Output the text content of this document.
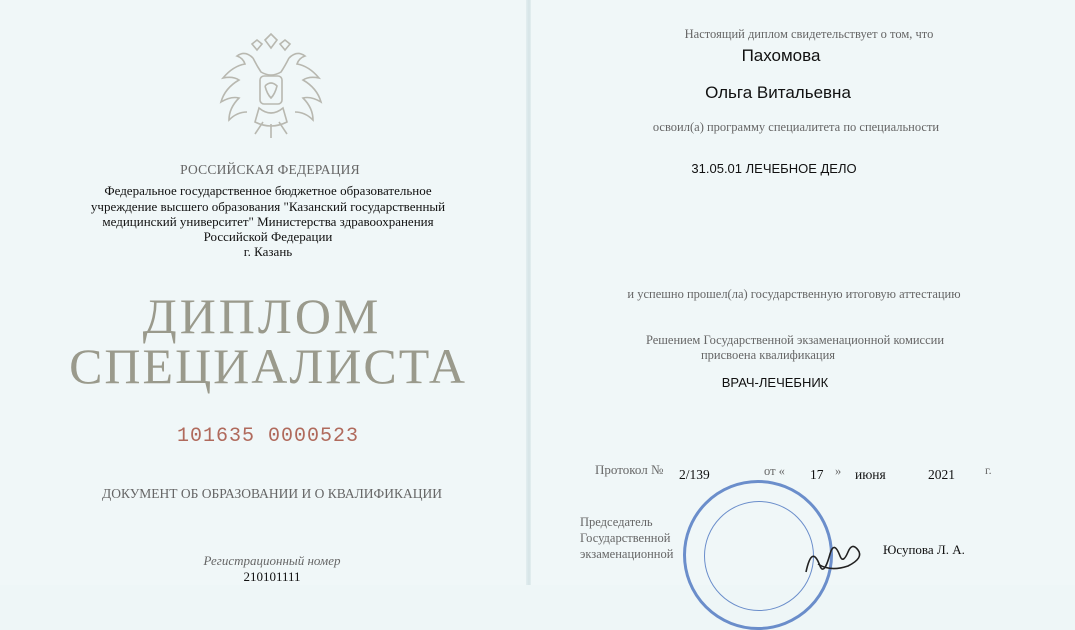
РОССИЙСКАЯ ФЕДЕРАЦИЯ
Федеральное государственное бюджетное образовательное
учреждение высшего образования "Казанский государственный
медицинский университет" Министерства здравоохранения
Российской Федерации
г. Казань
ДИПЛОМ
СПЕЦИАЛИСТА
101635 0000523
ДОКУМЕНТ ОБ ОБРАЗОВАНИИ И О КВАЛИФИКАЦИИ
Регистрационный номер
210101111
Настоящий диплом свидетельствует о том, что
Пахомова
Ольга Витальевна
освоил(а) программу специалитета по специальности
31.05.01 ЛЕЧЕБНОЕ ДЕЛО
и успешно прошел(ла) государственную итоговую аттестацию
Решением Государственной экзаменационной комиссии
присвоена квалификация
ВРАЧ-ЛЕЧЕБНИК
Протокол № 2/139	от « 17 » июня	2021	г.
Председатель
Государственной
экзаменационной	Юсупова Л. А.
